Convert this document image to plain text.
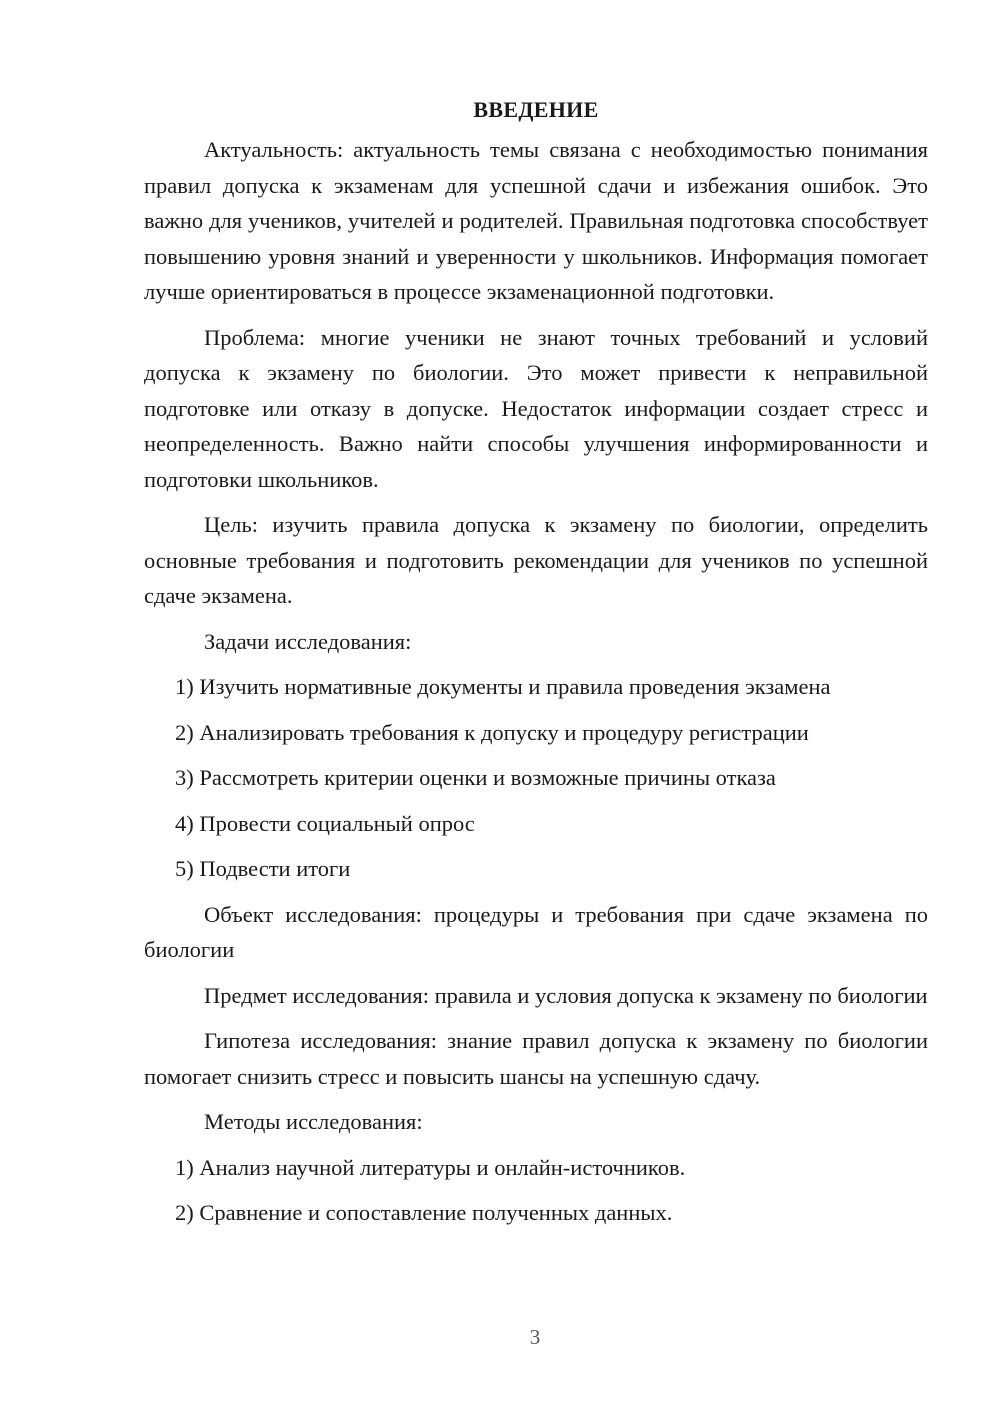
ВВЕДЕНИЕ

Актуальность: актуальность темы связана с необходимостью понимания правил допуска к экзаменам для успешной сдачи и избежания ошибок. Это важно для учеников, учителей и родителей. Правильная подготовка способствует повышению уровня знаний и уверенности у школьников. Информация помогает лучше ориентироваться в процессе экзаменационной подготовки.

Проблема: многие ученики не знают точных требований и условий допуска к экзамену по биологии. Это может привести к неправильной подготовке или отказу в допуске. Недостаток информации создает стресс и неопределенность. Важно найти способы улучшения информированности и подготовки школьников.

Цель: изучить правила допуска к экзамену по биологии, определить основные требования и подготовить рекомендации для учеников по успешной сдаче экзамена.

Задачи исследования:
1) Изучить нормативные документы и правила проведения экзамена
2) Анализировать требования к допуску и процедуру регистрации
3) Рассмотреть критерии оценки и возможные причины отказа
4) Провести социальный опрос
5) Подвести итоги

Объект исследования: процедуры и требования при сдаче экзамена по биологии

Предмет исследования: правила и условия допуска к экзамену по биологии

Гипотеза исследования: знание правил допуска к экзамену по биологии помогает снизить стресс и повысить шансы на успешную сдачу.

Методы исследования:
1) Анализ научной литературы и онлайн-источников.
2) Сравнение и сопоставление полученных данных.
3
